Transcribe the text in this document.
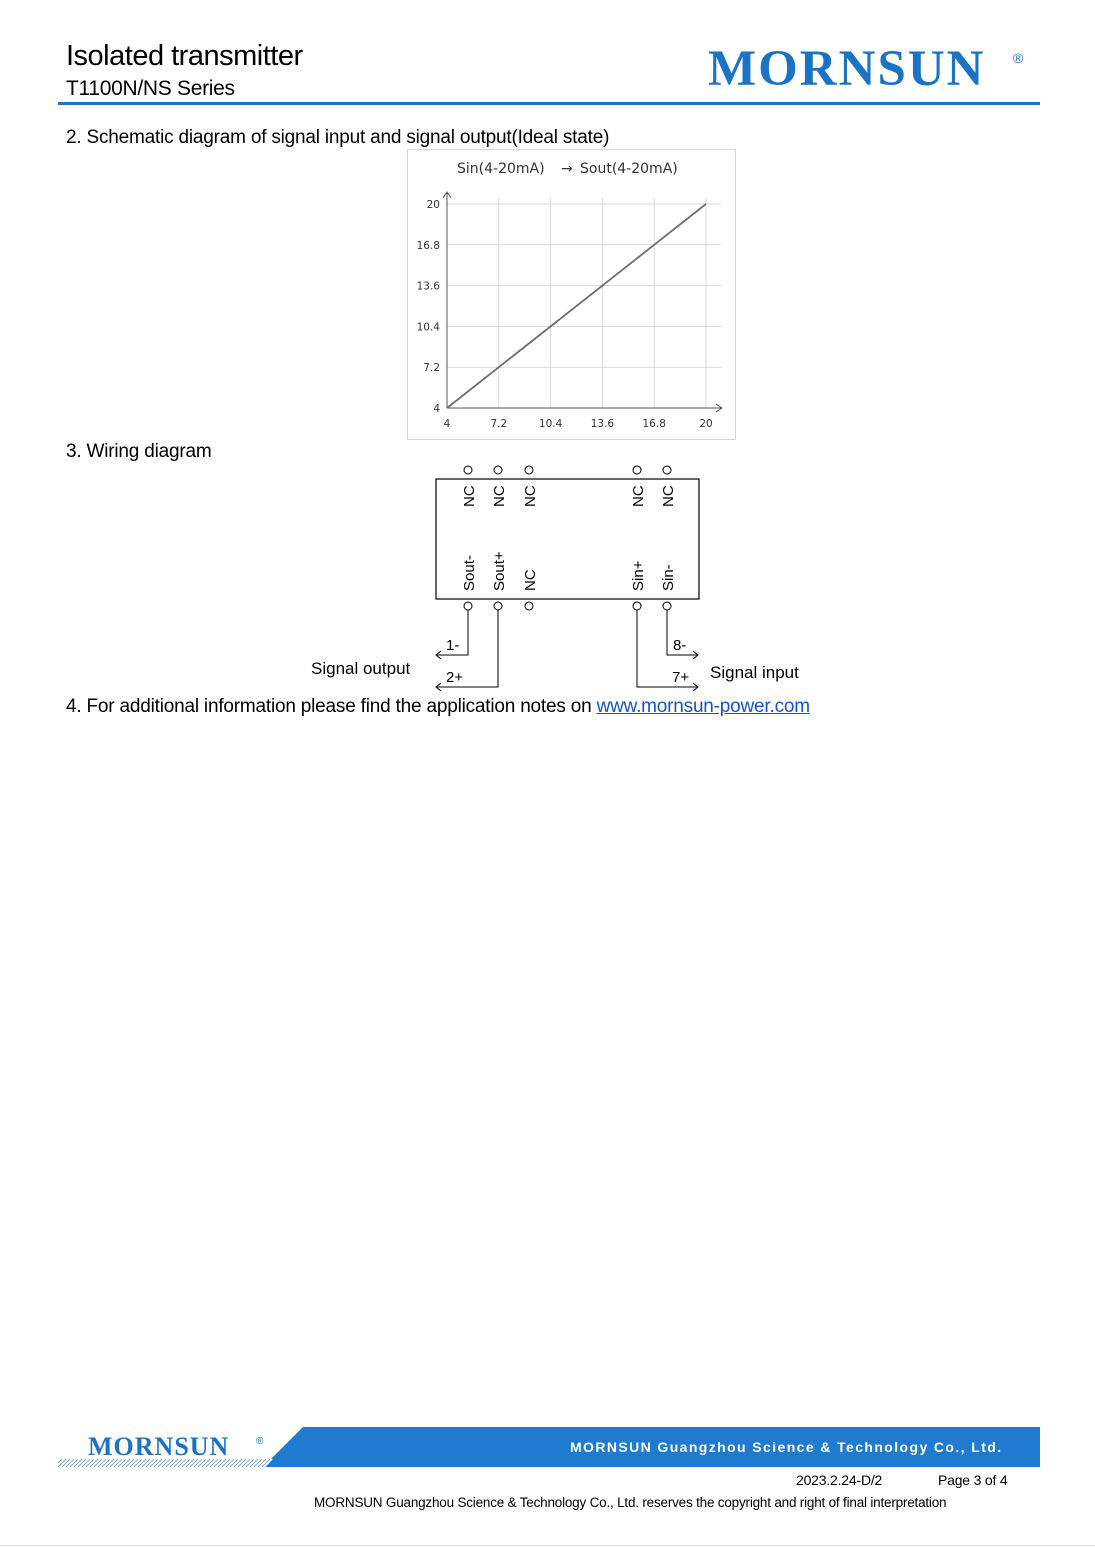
Isolated transmitter
T1100N/NS Series	MORNSUN ®
2. Schematic diagram of signal input and signal output(Ideal state)
Sin(4-20mA) → Sout(4-20mA)
4	7.2	10.4	13.6	16.8	20
4
7.2
10.4
13.6
16.8
20
3. Wiring diagram
NC NC NC	NC NC
Sout- Sout+ NC	Sin+ Sin-
1-
2+
8-
7+
Signal output	Signal input
4. For additional information please find the application notes on www.mornsun-power.com
MORNSUN	®	MORNSUN Guangzhou Science & Technology Co., Ltd.
2023.2.24-D/2	Page 3 of 4
MORNSUN Guangzhou Science & Technology Co., Ltd. reserves the copyright and right of final interpretation
